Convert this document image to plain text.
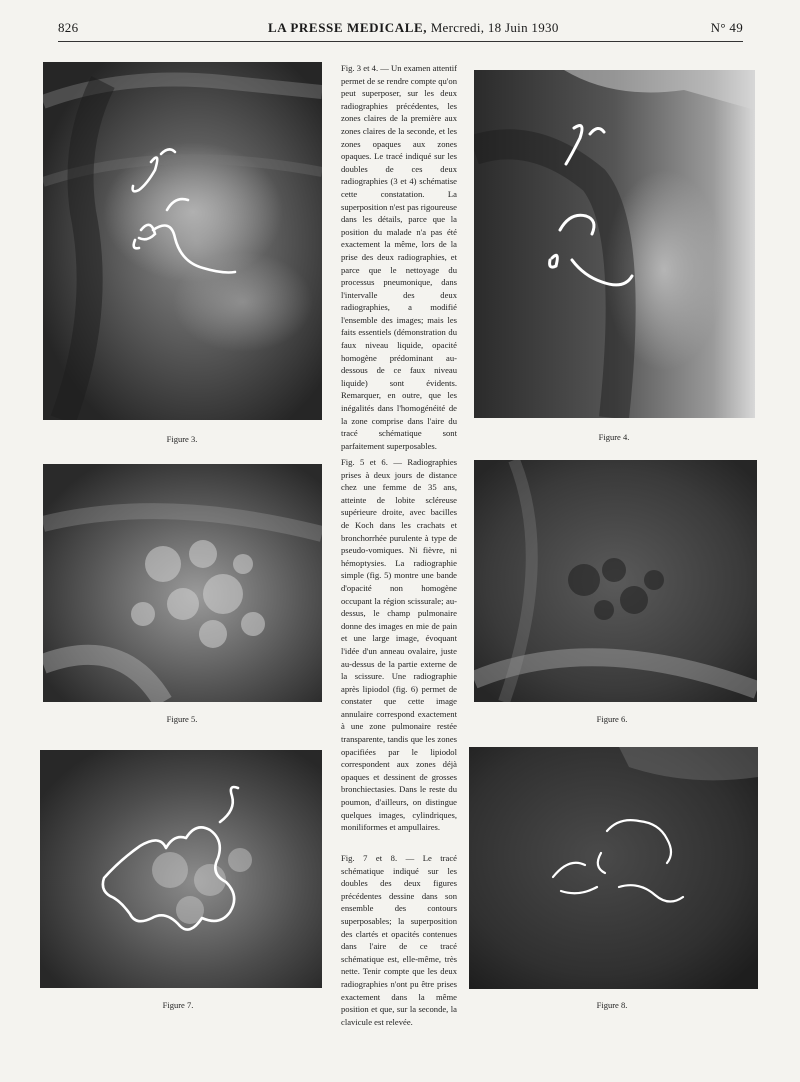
826	LA PRESSE MEDICALE, Mercredi, 18 Juin 1930	N° 49
Figure 3.	Figure 4.
Figure 5.	Figure 6.
Figure 7.	Figure 8.

Fig. 3 et 4. — Un examen attentif permet de se rendre compte qu'on peut superposer, sur les deux radiographies précédentes, les zones claires de la première aux zones claires de la seconde, et les zones opaques aux zones opaques. Le tracé indiqué sur les doubles de ces deux radiographies (3 et 4) schématise cette constatation. La superposition n'est pas rigoureuse dans les détails, parce que la position du malade n'a pas été exactement la même, lors de la prise des deux radiographies, et parce que le nettoyage du processus pneumonique, dans l'intervalle des deux radiographies, a modifié l'ensemble des images; mais les faits essentiels (démonstration du faux niveau liquide, opacité homogène prédominant au-dessous de ce faux niveau liquide) sont évidents. Remarquer, en outre, que les inégalités dans l'homogénéité de la zone comprise dans l'aire du tracé schématique sont parfaitement superposables.

Fig. 5 et 6. — Radiographies prises à deux jours de distance chez une femme de 35 ans, atteinte de lobite scléreuse supérieure droite, avec bacilles de Koch dans les crachats et bronchorrhée purulente à type de pseudo-vomiques. Ni fièvre, ni hémoptysies. La radiographie simple (fig. 5) montre une bande d'opacité non homogène occupant la région scissurale; au-dessus, le champ pulmonaire donne des images en mie de pain et une large image, évoquant l'idée d'un anneau ovalaire, juste au-dessus de la partie externe de la scissure. Une radiographie après lipiodol (fig. 6) permet de constater que cette image annulaire correspond exactement à une zone pulmonaire restée transparente, tandis que les zones opacifiées par le lipiodol correspondent aux zones déjà opaques et dessinent de grosses bronchiectasies. Dans le reste du poumon, d'ailleurs, on distingue quelques images, cylindriques, moniliformes et ampullaires.

Fig. 7 et 8. — Le tracé schématique indiqué sur les doubles des deux figures précédentes dessine dans son ensemble des contours superposables; la superposition des clartés et opacités contenues dans l'aire de ce tracé schématique est, elle-même, très nette. Tenir compte que les deux radiographies n'ont pu être prises exactement dans la même position et que, sur la seconde, la clavicule est relevée.
